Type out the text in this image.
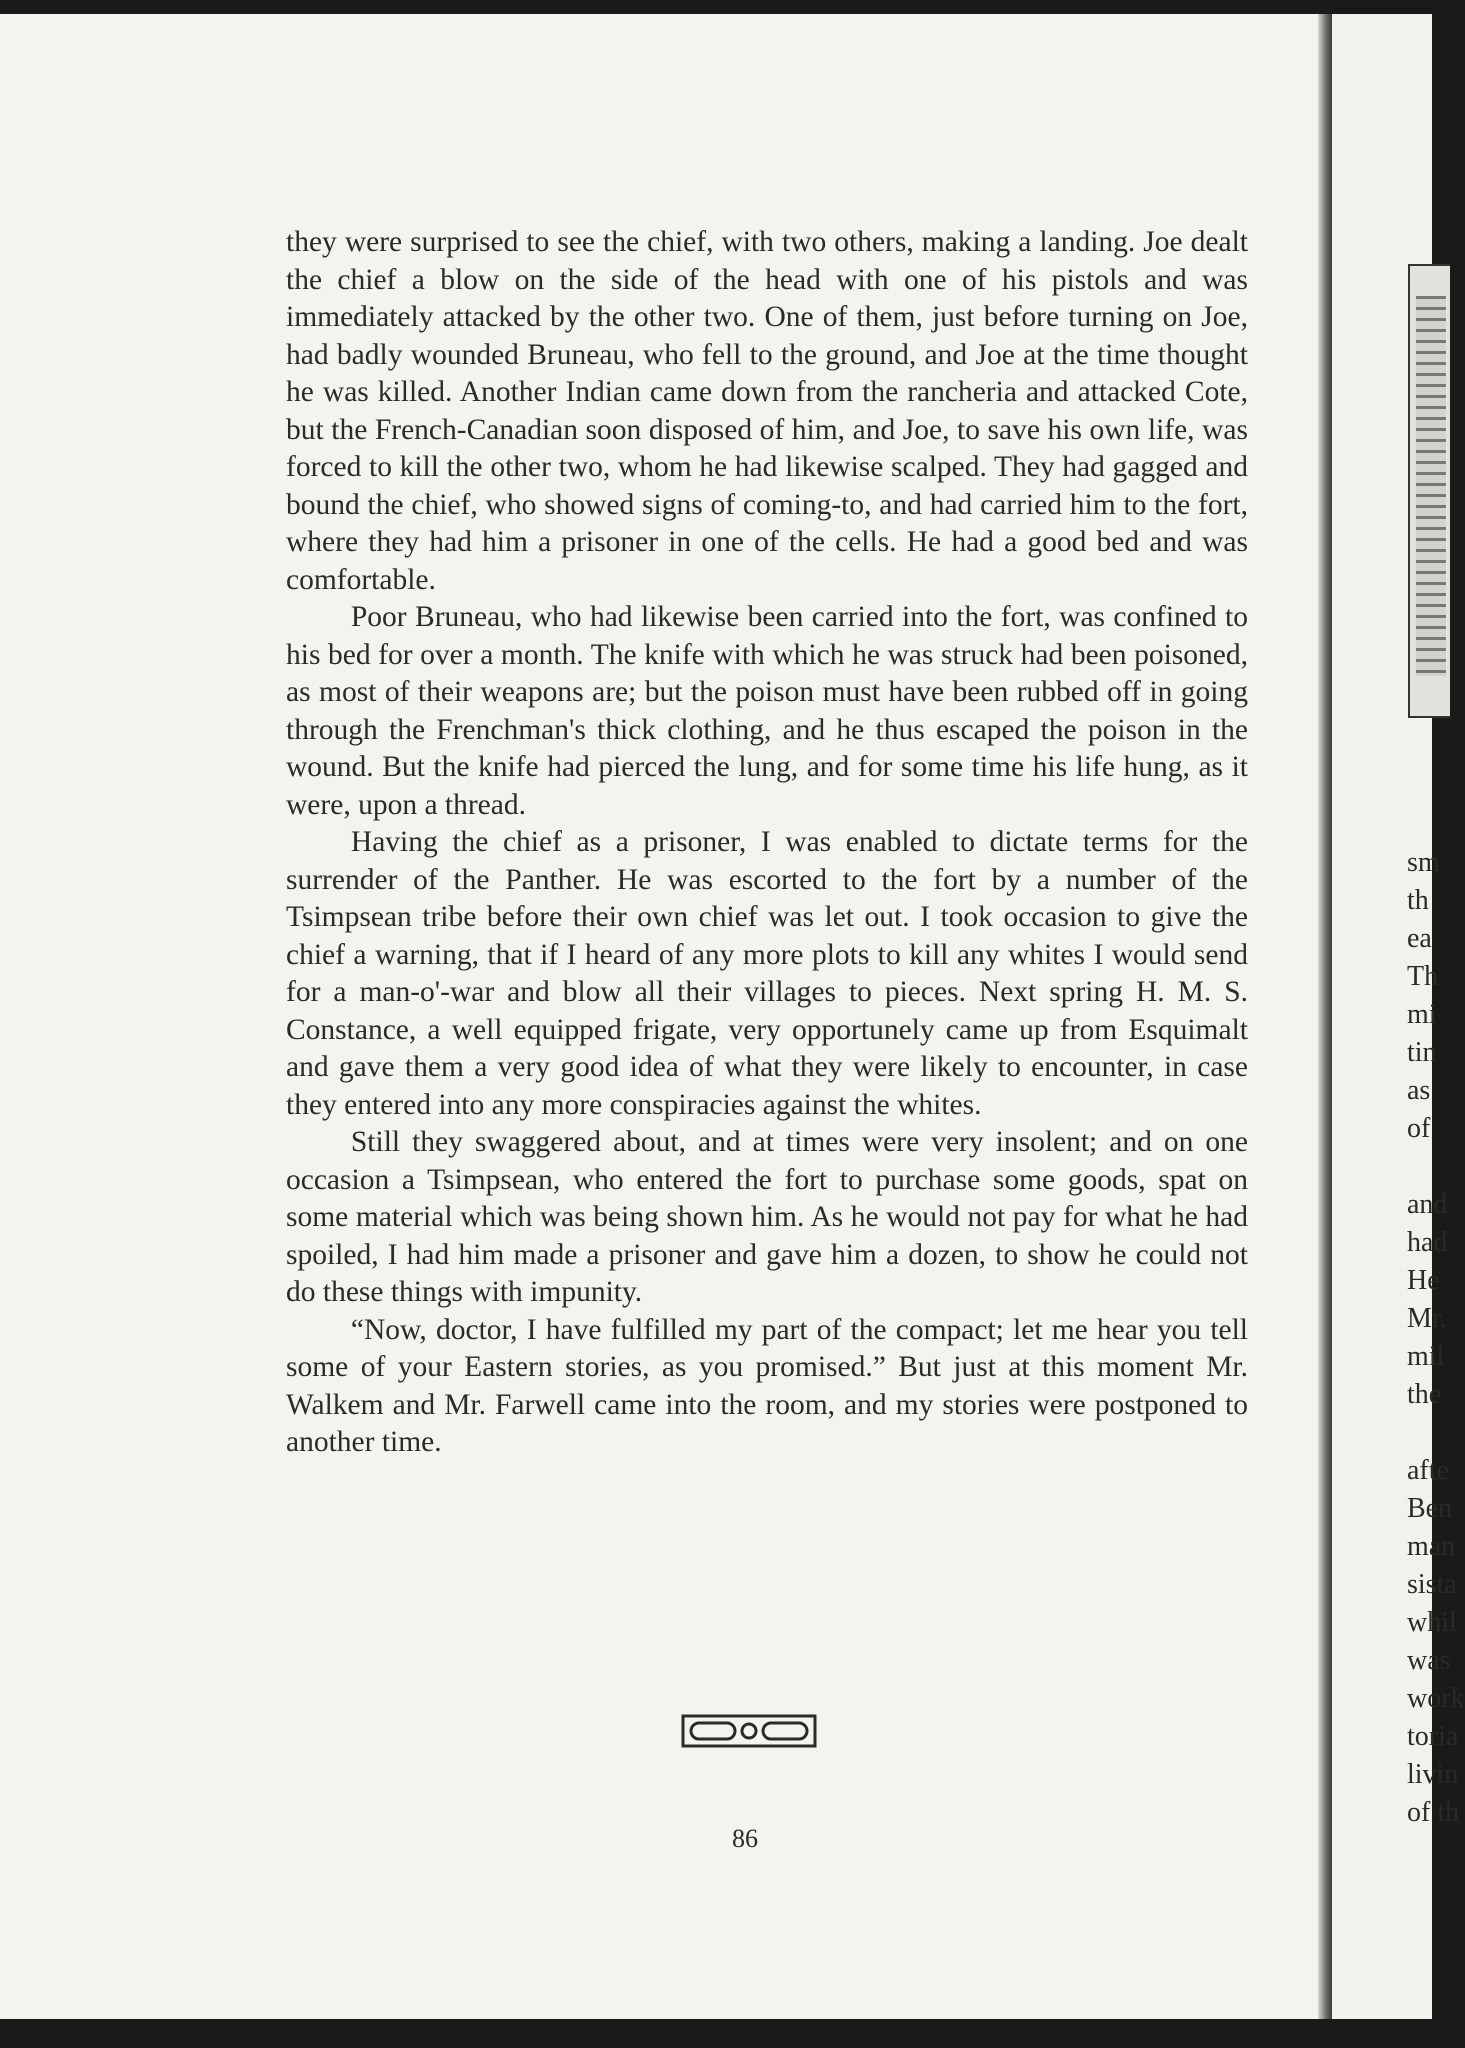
they were surprised to see the chief, with two others, making a landing. Joe dealt the chief a blow on the side of the head with one of his pistols and was immediately attacked by the other two. One of them, just before turning on Joe, had badly wounded Bruneau, who fell to the ground, and Joe at the time thought he was killed. Another Indian came down from the rancheria and attacked Cote, but the French-Canadian soon disposed of him, and Joe, to save his own life, was forced to kill the other two, whom he had likewise scalped. They had gagged and bound the chief, who showed signs of coming-to, and had carried him to the fort, where they had him a prisoner in one of the cells. He had a good bed and was comfortable.

Poor Bruneau, who had likewise been carried into the fort, was confined to his bed for over a month. The knife with which he was struck had been poisoned, as most of their weapons are; but the poison must have been rubbed off in going through the Frenchman's thick clothing, and he thus escaped the poison in the wound. But the knife had pierced the lung, and for some time his life hung, as it were, upon a thread.

Having the chief as a prisoner, I was enabled to dictate terms for the surrender of the Panther. He was escorted to the fort by a number of the Tsimpsean tribe before their own chief was let out. I took occasion to give the chief a warning, that if I heard of any more plots to kill any whites I would send for a man-o'-war and blow all their villages to pieces. Next spring H. M. S. Constance, a well equipped frigate, very opportunely came up from Esquimalt and gave them a very good idea of what they were likely to encounter, in case they entered into any more conspiracies against the whites.

Still they swaggered about, and at times were very insolent; and on one occasion a Tsimpsean, who entered the fort to purchase some goods, spat on some material which was being shown him. As he would not pay for what he had spoiled, I had him made a prisoner and gave him a dozen, to show he could not do these things with impunity.

“Now, doctor, I have fulfilled my part of the compact; let me hear you tell some of your Eastern stories, as you promised.” But just at this moment Mr. Walkem and Mr. Farwell came into the room, and my stories were postponed to another time.

86
sm
th
ea
Th
mi
tin
as
of
and
had
He
Mr.
mil
the
afte
Ben
man
sista
whil
was
work
toria
livin
of th
